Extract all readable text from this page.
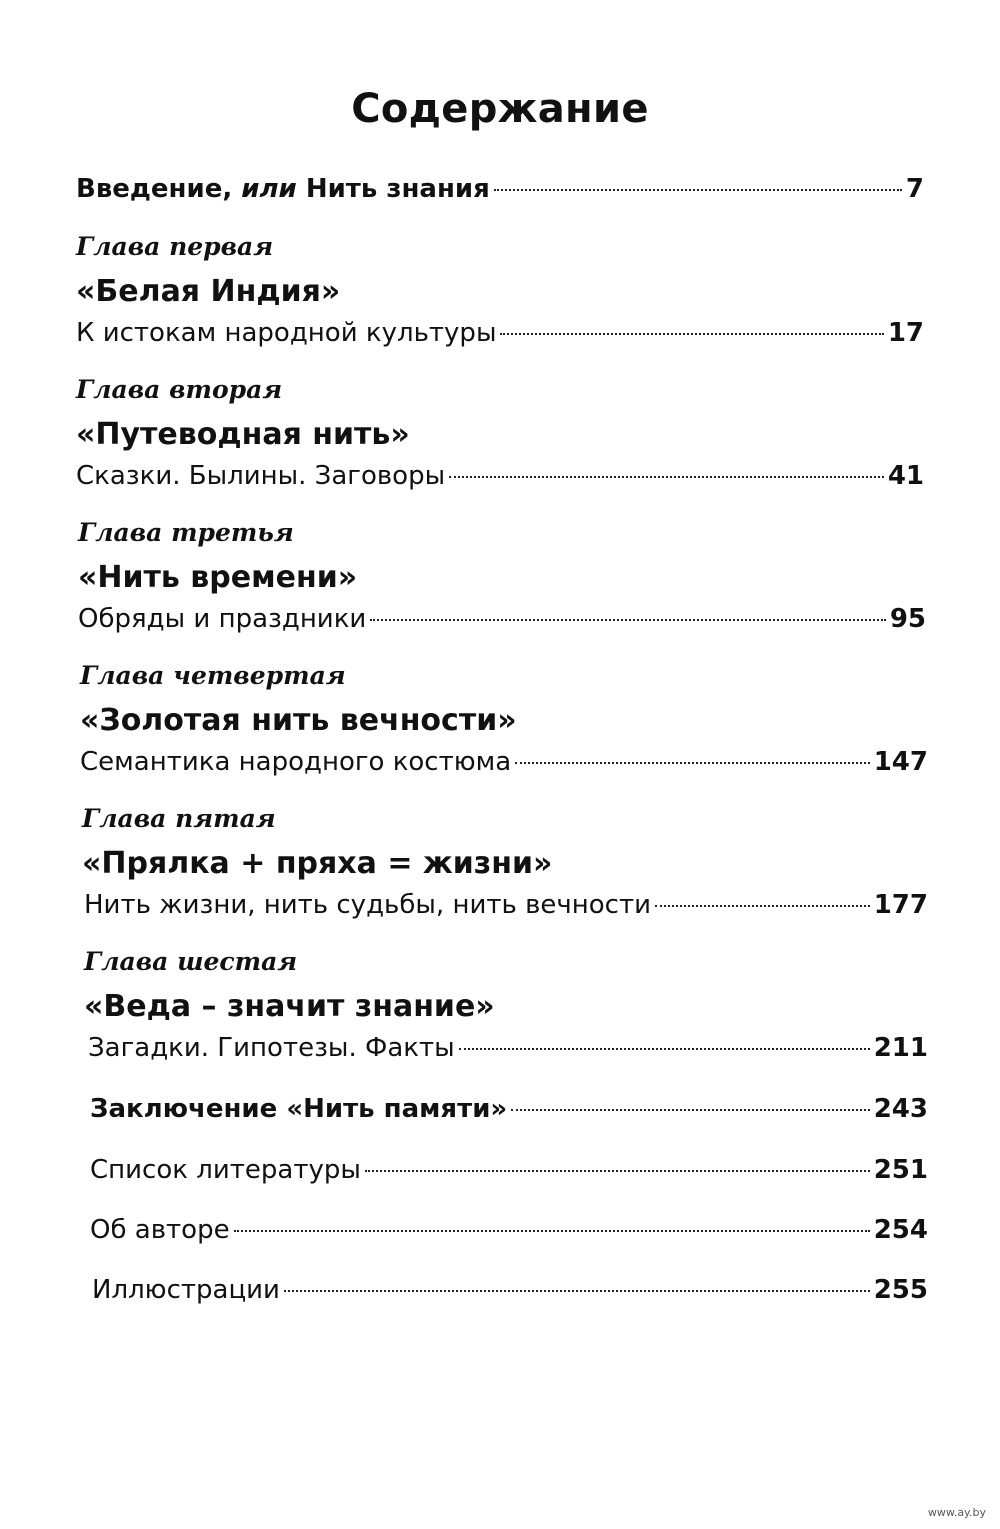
Содержание
Введение, или Нить знания	7
Глава первая
«Белая Индия»
К истокам народной культуры	17
Глава вторая
«Путеводная нить»
Сказки. Былины. Заговоры	41
Глава третья
«Нить времени»
Обряды и праздники	95
Глава четвертая
«Золотая нить вечности»
Семантика народного костюма	147
Глава пятая
«Прялка + пряха = жизни»
Нить жизни, нить судьбы, нить вечности	177
Глава шестая
«Веда – значит знание»
Загадки. Гипотезы. Факты	211
Заключение «Нить памяти»	243
Список литературы	251
Об авторе	254
Иллюстрации	255
www.ay.by
